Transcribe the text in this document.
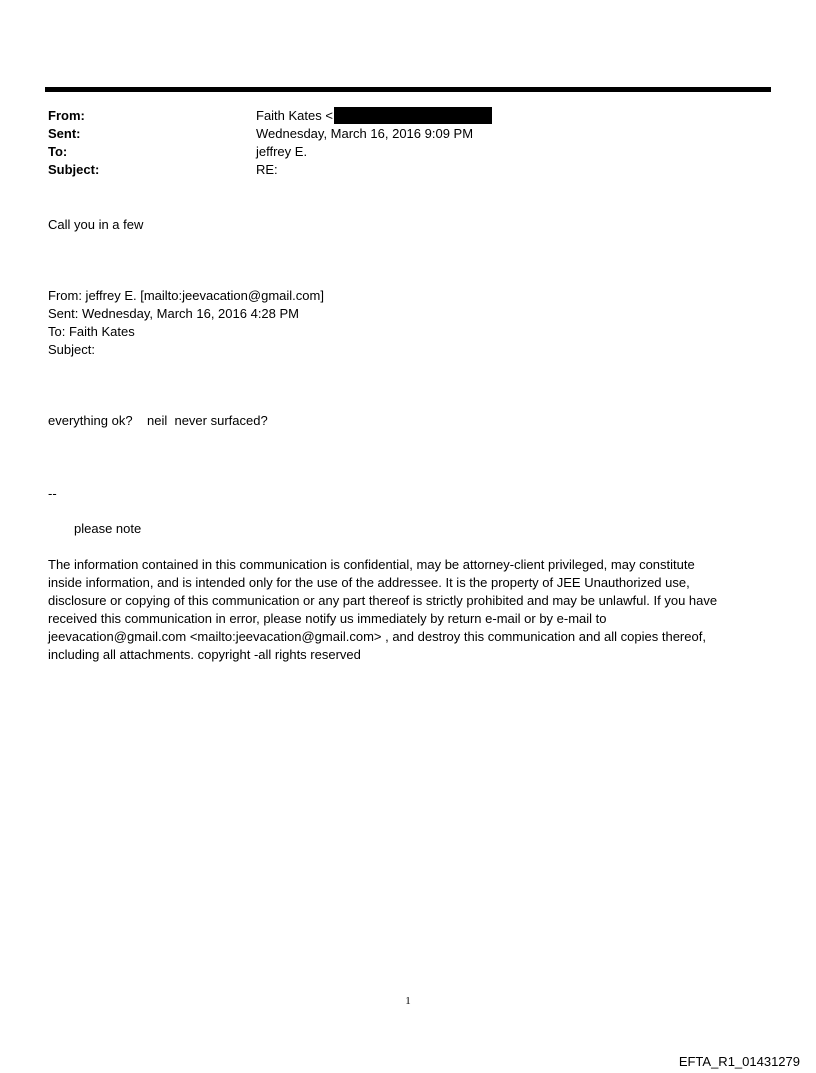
From:	Faith Kates <
Sent:	Wednesday, March 16, 2016 9:09 PM
To:	jeffrey E.
Subject:	RE:
Call you in a few
From: jeffrey E. [mailto:jeevacation@gmail.com]
Sent: Wednesday, March 16, 2016 4:28 PM
To: Faith Kates
Subject:
everything ok?    neil  never surfaced?
--
please note
The information contained in this communication is confidential, may be attorney-client privileged, may constitute
inside information, and is intended only for the use of the addressee. It is the property of JEE Unauthorized use,
disclosure or copying of this communication or any part thereof is strictly prohibited and may be unlawful. If you have
received this communication in error, please notify us immediately by return e-mail or by e-mail to
jeevacation@gmail.com <mailto:jeevacation@gmail.com> , and destroy this communication and all copies thereof,
including all attachments. copyright -all rights reserved
1
EFTA_R1_01431279
